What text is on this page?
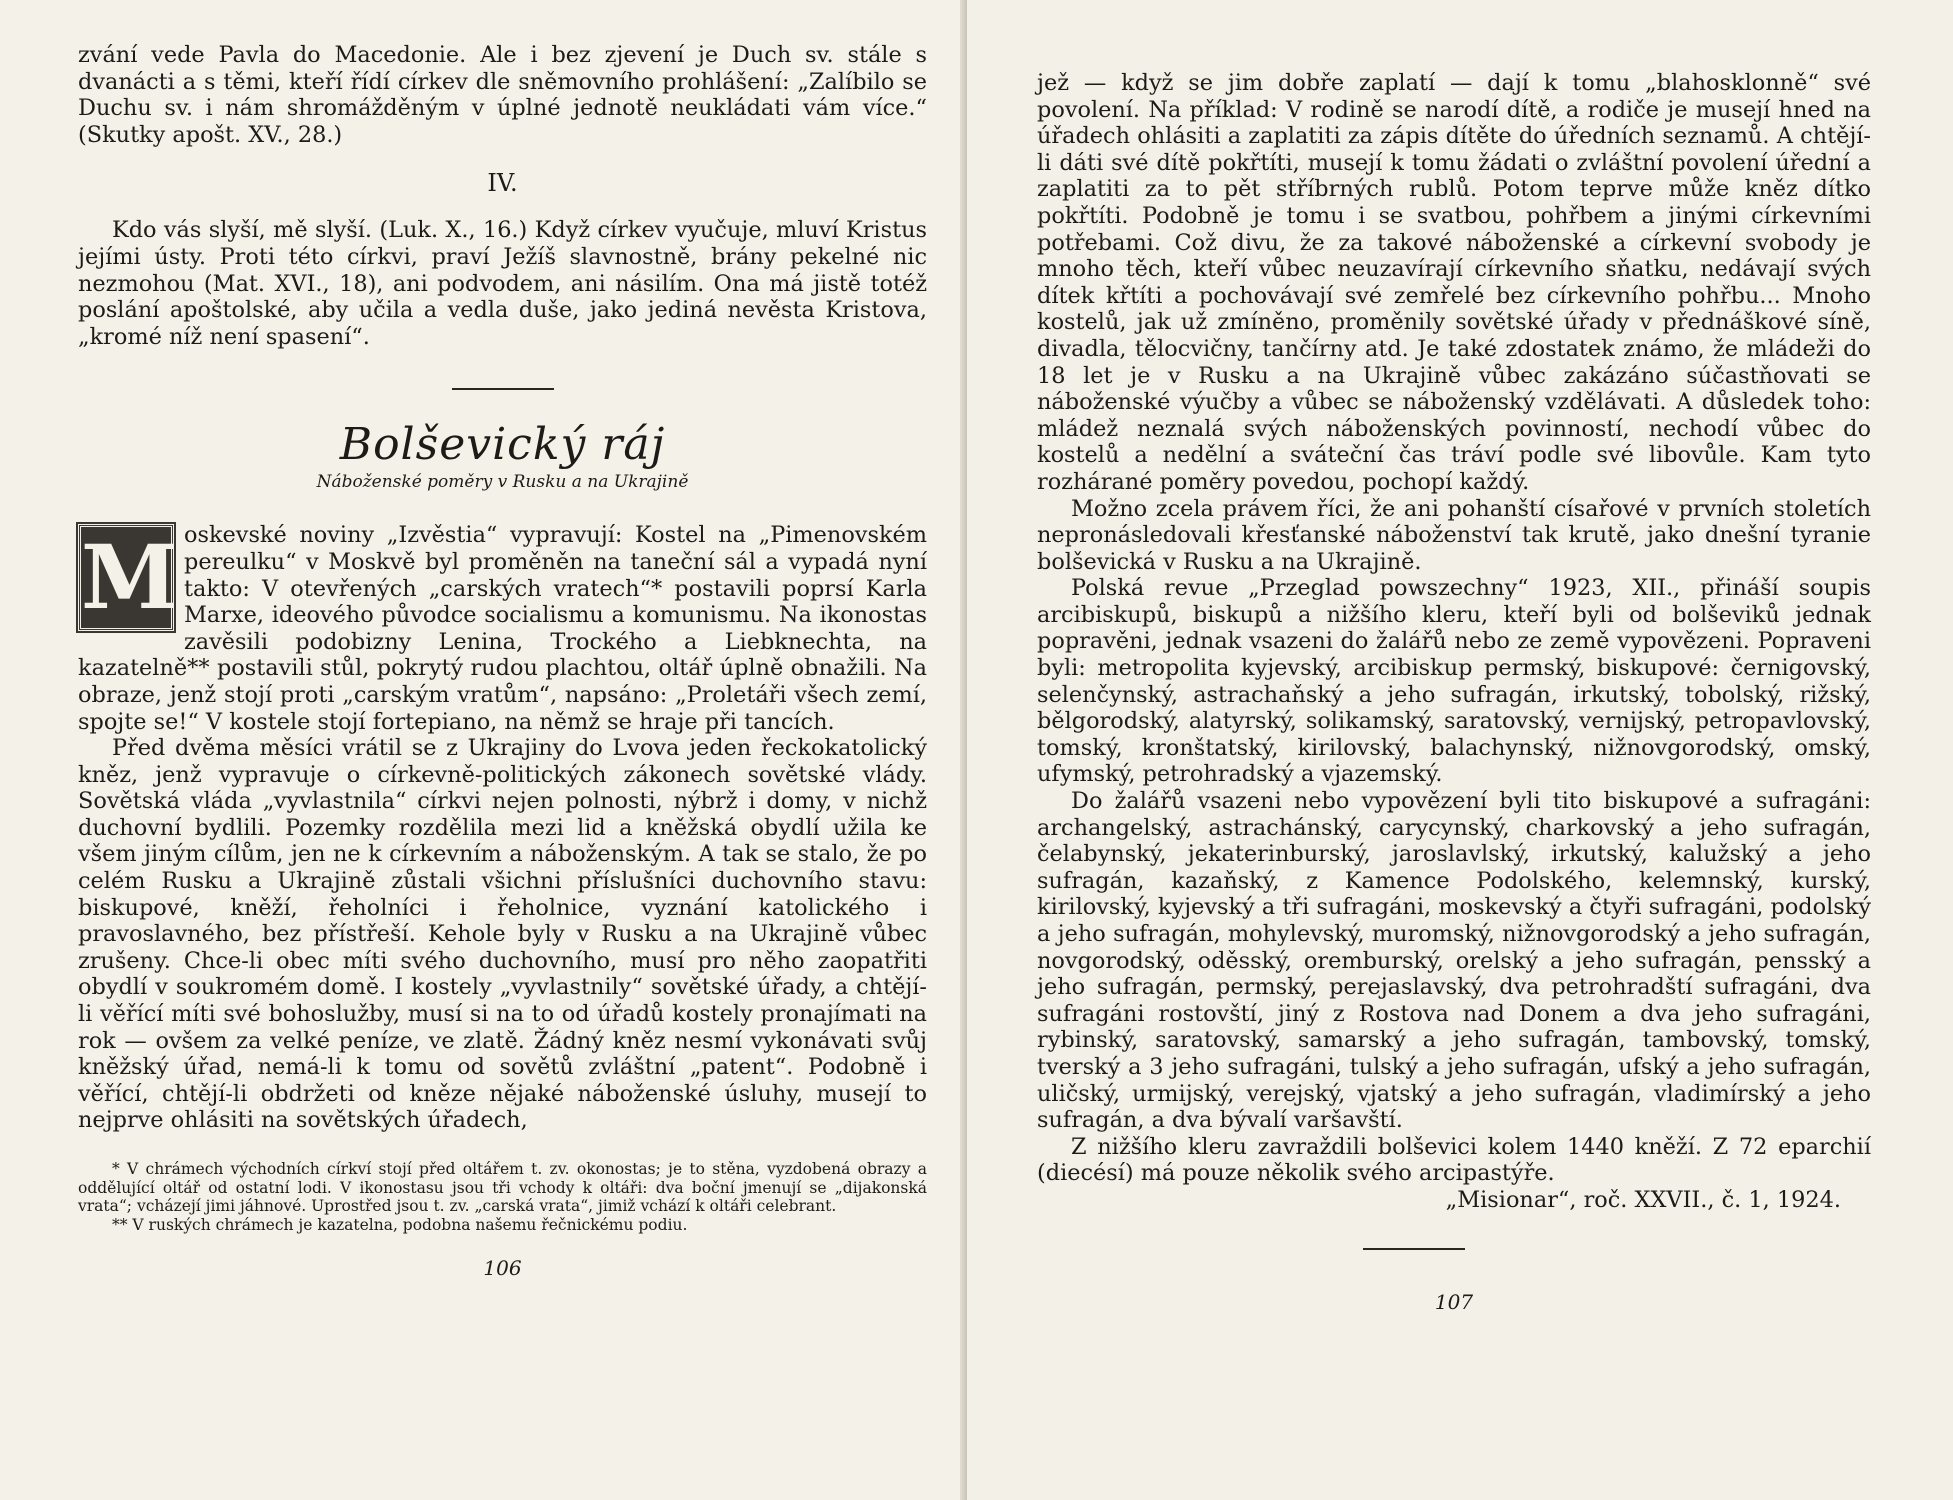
zvání vede Pavla do Macedonie. Ale i bez zjevení je Duch sv. stále s dvanácti a s těmi, kteří řídí církev dle sněmovního prohlášení: „Zalíbilo se Duchu sv. i nám shromážděným v úplné jednotě neukládati vám více.“ (Skutky apošt. XV., 28.)

IV.

Kdo vás slyší, mě slyší. (Luk. X., 16.) Když církev vyučuje, mluví Kristus jejími ústy. Proti této církvi, praví Ježíš slavnostně, brány pekelné nic nezmohou (Mat. XVI., 18), ani podvodem, ani násilím. Ona má jistě totéž poslání apoštolské, aby učila a vedla duše, jako jediná nevěsta Kristova, „kromé níž není spasení“.

Bolševický ráj
Náboženské poměry v Rusku a na Ukrajině
M oskevské noviny „Izvěstia“ vypravují: Kostel na „Pimenovském pereulku“ v Moskvě byl proměněn na taneční sál a vypadá nyní takto: V otevřených „carských vratech“* postavili poprsí Karla Marxe, ideového původce socialismu a komunismu. Na ikonostas zavěsili podobizny Lenina, Trockého a Liebknechta, na kazatelně** postavili stůl, pokrytý rudou plachtou, oltář úplně obnažili. Na obraze, jenž stojí proti „carským vratům“, napsáno: „Proletáři všech zemí, spojte se!“ V kostele stojí fortepiano, na němž se hraje při tancích.

Před dvěma měsíci vrátil se z Ukrajiny do Lvova jeden řeckokatolický kněz, jenž vypravuje o církevně-politických zákonech sovětské vlády. Sovětská vláda „vyvlastnila“ církvi nejen polnosti, nýbrž i domy, v nichž duchovní bydlili. Pozemky rozdělila mezi lid a kněžská obydlí užila ke všem jiným cílům, jen ne k církevním a náboženským. A tak se stalo, že po celém Rusku a Ukrajině zůstali všichni příslušníci duchovního stavu: biskupové, kněží, řeholníci i řeholnice, vyznání katolického i pravoslavného, bez přístřeší. Kehole byly v Rusku a na Ukrajině vůbec zrušeny. Chce-li obec míti svého duchovního, musí pro něho zaopatřiti obydlí v soukromém domě. I kostely „vyvlastnily“ sovětské úřady, a chtějí-li věřící míti své bohoslužby, musí si na to od úřadů kostely pronajímati na rok — ovšem za velké peníze, ve zlatě. Žádný kněz nesmí vykonávati svůj kněžský úřad, nemá-li k tomu od sovětů zvláštní „patent“. Podobně i věřící, chtějí-li obdržeti od kněze nějaké náboženské úsluhy, musejí to nejprve ohlásiti na sovětských úřadech,

* V chrámech východních církví stojí před oltářem t. zv. okonostas; je to stěna, vyzdobená obrazy a oddělující oltář od ostatní lodi. V ikonostasu jsou tři vchody k oltáři: dva boční jmenují se „dijakonská vrata“; vcházejí jimi jáhnové. Uprostřed jsou t. zv. „carská vrata“, jimiž vchází k oltáři celebrant.

** V ruských chrámech je kazatelna, podobna našemu řečnickému podiu.

106

jež — když se jim dobře zaplatí — dají k tomu „blahosklonně“ své povolení. Na příklad: V rodině se narodí dítě, a rodiče je musejí hned na úřadech ohlásiti a zaplatiti za zápis dítěte do úředních seznamů. A chtějí-li dáti své dítě pokřtíti, musejí k tomu žádati o zvláštní povolení úřední a zaplatiti za to pět stříbrných rublů. Potom teprve může kněz dítko pokřtíti. Podobně je tomu i se svatbou, pohřbem a jinými církevními potřebami. Což divu, že za takové náboženské a církevní svobody je mnoho těch, kteří vůbec neuzavírají církevního sňatku, nedávají svých dítek křtíti a pochovávají své zemřelé bez církevního pohřbu... Mnoho kostelů, jak už zmíněno, proměnily sovětské úřady v přednáškové síně, divadla, tělocvičny, tančírny atd. Je také zdostatek známo, že mládeži do 18 let je v Rusku a na Ukrajině vůbec zakázáno súčastňovati se náboženské výučby a vůbec se náboženský vzdělávati. A důsledek toho: mládež neznalá svých náboženských povinností, nechodí vůbec do kostelů a nedělní a sváteční čas tráví podle své libovůle. Kam tyto rozhárané poměry povedou, pochopí každý.

Možno zcela právem říci, že ani pohanští císařové v prvních stoletích nepronásledovali křesťanské náboženství tak krutě, jako dnešní tyranie bolševická v Rusku a na Ukrajině.

Polská revue „Przeglad powszechny“ 1923, XII., přináší soupis arcibiskupů, biskupů a nižšího kleru, kteří byli od bolševiků jednak popravěni, jednak vsazeni do žalářů nebo ze země vypovězeni. Popraveni byli: metropolita kyjevský, arcibiskup permský, biskupové: černigovský, selenčynský, astrachaňský a jeho sufragán, irkutský, tobolský, rižský, bělgorodský, alatyrský, solikamský, saratovský, vernijský, petropavlovský, tomský, kronštatský, kirilovský, balachynský, nižnovgorodský, omský, ufymský, petrohradský a vjazemský.

Do žalářů vsazeni nebo vypovězení byli tito biskupové a sufragáni: archangelský, astrachánský, carycynský, charkovský a jeho sufragán, čelabynský, jekaterinburský, jaroslavlský, irkutský, kalužský a jeho sufragán, kazaňský, z Kamence Podolského, kelemnský, kurský, kirilovský, kyjevský a tři sufragáni, moskevský a čtyři sufragáni, podolský a jeho sufragán, mohylevský, muromský, nižnovgorodský a jeho sufragán, novgorodský, oděsský, oremburský, orelský a jeho sufragán, pensský a jeho sufragán, permský, perejaslavský, dva petrohradští sufragáni, dva sufragáni rostovští, jiný z Rostova nad Donem a dva jeho sufragáni, rybinský, saratovský, samarský a jeho sufragán, tambovský, tomský, tverský a 3 jeho sufragáni, tulský a jeho sufragán, ufský a jeho sufragán, uličský, urmijský, verejský, vjatský a jeho sufragán, vladimírský a jeho sufragán, a dva bývalí varšavští.

Z nižšího kleru zavraždili bolševici kolem 1440 kněží. Z 72 eparchií (diecésí) má pouze několik svého arcipastýře.

„Misionar“, roč. XXVII., č. 1, 1924.

107
